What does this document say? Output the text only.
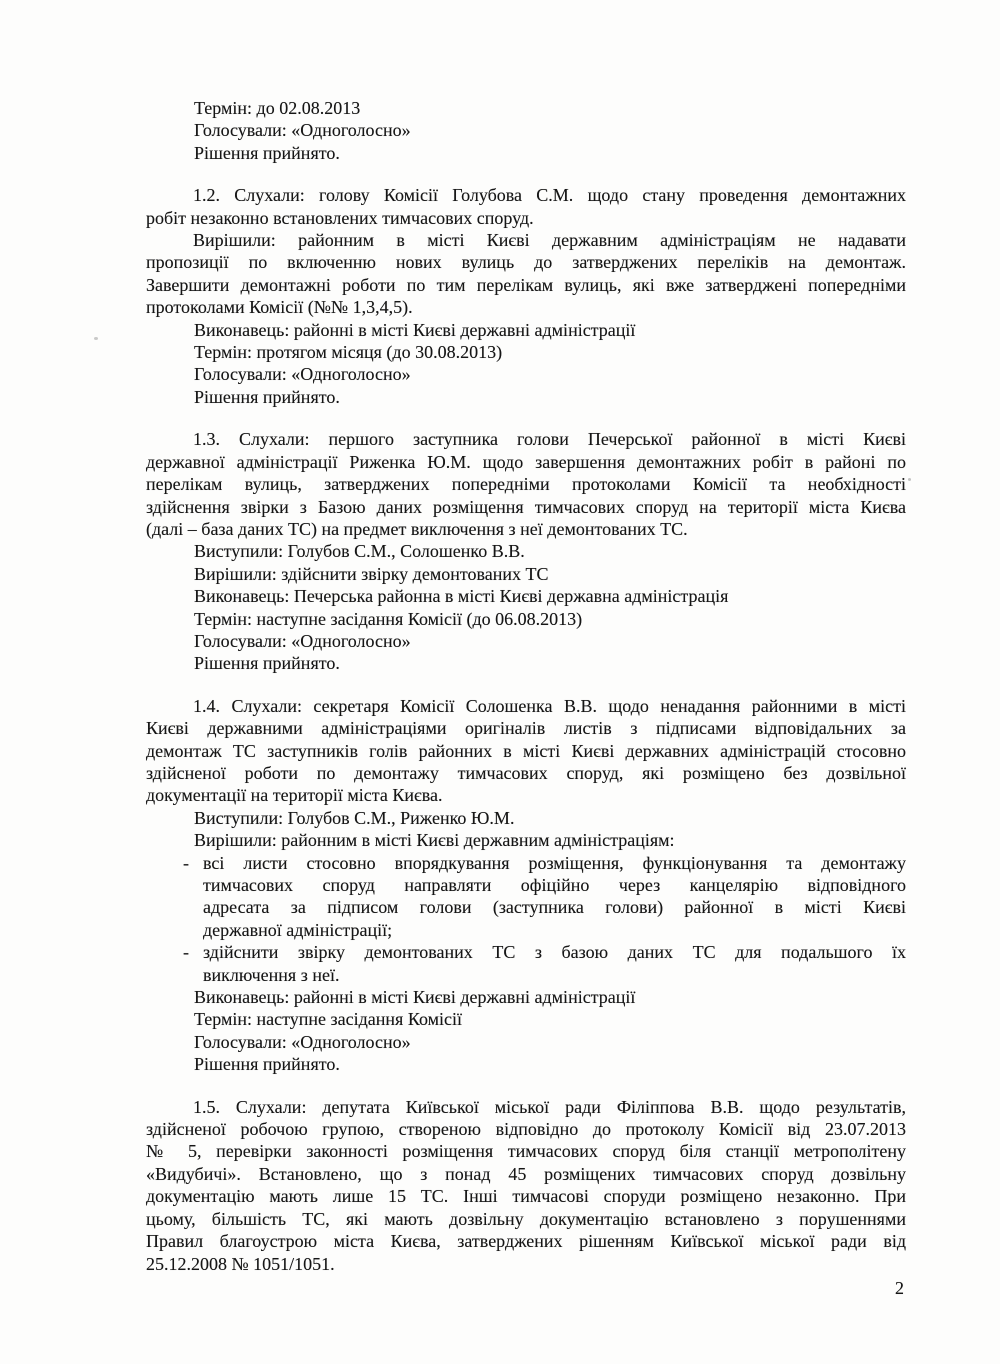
Термін: до 02.08.2013
Голосували: «Одноголосно»
Рішення прийнято.
1.2. Слухали: голову Комісії Голубова С.М. щодо стану проведення демонтажних
робіт незаконно встановлених тимчасових споруд.
Вирішили: районним в місті Києві державним адміністраціям не надавати
пропозиції по включенню нових вулиць до затверджених переліків на демонтаж.
Завершити демонтажні роботи по тим перелікам вулиць, які вже затверджені попередніми
протоколами Комісії (№№ 1,3,4,5).
Виконавець: районні в місті Києві державні адміністрації
Термін: протягом місяця (до 30.08.2013)
Голосували: «Одноголосно»
Рішення прийнято.
1.3. Слухали: першого заступника голови Печерської районної в місті Києві
державної адміністрації Риженка Ю.М. щодо завершення демонтажних робіт в районі по
перелікам вулиць, затверджених попередніми протоколами Комісії та необхідності
здійснення звірки з Базою даних розміщення тимчасових споруд на території міста Києва
(далі – база даних ТС) на предмет виключення з неї демонтованих ТС.
Виступили: Голубов С.М., Солошенко В.В.
Вирішили: здійснити звірку демонтованих ТС
Виконавець: Печерська районна в місті Києві державна адміністрація
Термін: наступне засідання Комісії (до 06.08.2013)
Голосували: «Одноголосно»
Рішення прийнято.
1.4. Слухали: секретаря Комісії Солошенка В.В. щодо ненадання районними в місті
Києві державними адміністраціями оригіналів листів з підписами відповідальних за
демонтаж ТС заступників голів районних в місті Києві державних адміністрацій стосовно
здійсненої роботи по демонтажу тимчасових споруд, які розміщено без дозвільної
документації на території міста Києва.
Виступили: Голубов С.М., Риженко Ю.М.
Вирішили: районним в місті Києві державним адміністраціям:
- всі листи стосовно впорядкування розміщення, функціонування та демонтажу
тимчасових споруд направляти офіційно через канцелярію відповідного
адресата за підписом голови (заступника голови) районної в місті Києві
державної адміністрації;
- здійснити звірку демонтованих ТС з базою даних ТС для подальшого їх
виключення з неї.
Виконавець: районні в місті Києві державні адміністрації
Термін: наступне засідання Комісії
Голосували: «Одноголосно»
Рішення прийнято.
1.5. Слухали: депутата Київської міської ради Філіппова В.В. щодо результатів,
здійсненої робочою групою, створеною відповідно до протоколу Комісії від 23.07.2013
№ 5, перевірки законності розміщення тимчасових споруд біля станції метрополітену
«Видубичі». Встановлено, що з понад 45 розміщених тимчасових споруд дозвільну
документацію мають лише 15 ТС. Інші тимчасові споруди розміщено незаконно. При
цьому, більшість ТС, які мають дозвільну документацію встановлено з порушеннями
Правил благоустрою міста Києва, затверджених рішенням Київської міської ради від
25.12.2008 № 1051/1051.
2
